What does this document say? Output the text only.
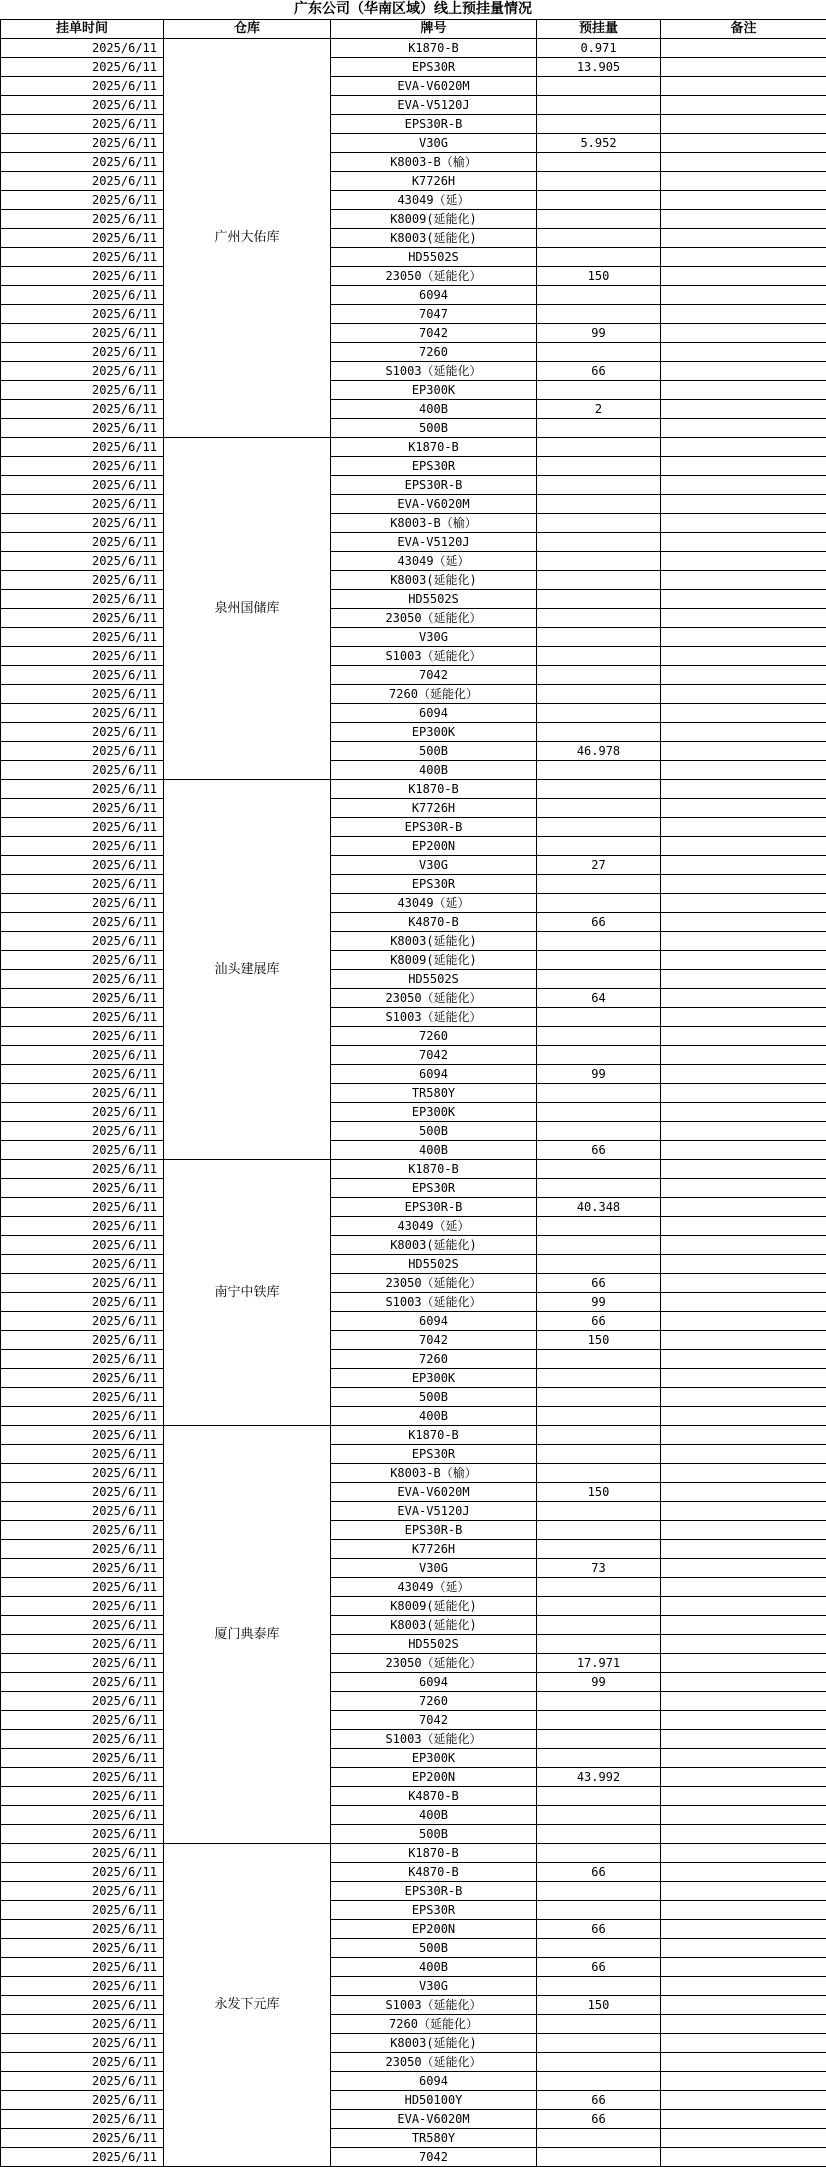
广东公司（华南区域）线上预挂量情况
挂单时间	仓库	牌号	预挂量	备注
2025/6/11	广州大佑库	K1870-B	0.971	
2025/6/11		EPS30R	13.905	
2025/6/11		EVA-V6020M		
2025/6/11		EVA-V5120J		
2025/6/11		EPS30R-B		
2025/6/11		V30G	5.952	
2025/6/11		K8003-B（榆）		
2025/6/11		K7726H		
2025/6/11		43049（延）		
2025/6/11		K8009(延能化)		
2025/6/11		K8003(延能化)		
2025/6/11		HD5502S		
2025/6/11		23050（延能化）	150	
2025/6/11		6094		
2025/6/11		7047		
2025/6/11		7042	99	
2025/6/11		7260		
2025/6/11		S1003（延能化）	66	
2025/6/11		EP300K		
2025/6/11		400B	2	
2025/6/11		500B		
2025/6/11	泉州国储库	K1870-B		
2025/6/11		EPS30R		
2025/6/11		EPS30R-B		
2025/6/11		EVA-V6020M		
2025/6/11		K8003-B（榆）		
2025/6/11		EVA-V5120J		
2025/6/11		43049（延）		
2025/6/11		K8003(延能化)		
2025/6/11		HD5502S		
2025/6/11		23050（延能化）		
2025/6/11		V30G		
2025/6/11		S1003（延能化）		
2025/6/11		7042		
2025/6/11		7260（延能化）		
2025/6/11		6094		
2025/6/11		EP300K		
2025/6/11		500B	46.978	
2025/6/11		400B		
2025/6/11	汕头建展库	K1870-B		
2025/6/11		K7726H		
2025/6/11		EPS30R-B		
2025/6/11		EP200N		
2025/6/11		V30G	27	
2025/6/11		EPS30R		
2025/6/11		43049（延）		
2025/6/11		K4870-B	66	
2025/6/11		K8003(延能化)		
2025/6/11		K8009(延能化)		
2025/6/11		HD5502S		
2025/6/11		23050（延能化）	64	
2025/6/11		S1003（延能化）		
2025/6/11		7260		
2025/6/11		7042		
2025/6/11		6094	99	
2025/6/11		TR580Y		
2025/6/11		EP300K		
2025/6/11		500B		
2025/6/11		400B	66	
2025/6/11	南宁中铁库	K1870-B		
2025/6/11		EPS30R		
2025/6/11		EPS30R-B	40.348	
2025/6/11		43049（延）		
2025/6/11		K8003(延能化)		
2025/6/11		HD5502S		
2025/6/11		23050（延能化）	66	
2025/6/11		S1003（延能化）	99	
2025/6/11		6094	66	
2025/6/11		7042	150	
2025/6/11		7260		
2025/6/11		EP300K		
2025/6/11		500B		
2025/6/11		400B		
2025/6/11	厦门典泰库	K1870-B		
2025/6/11		EPS30R		
2025/6/11		K8003-B（榆）		
2025/6/11		EVA-V6020M	150	
2025/6/11		EVA-V5120J		
2025/6/11		EPS30R-B		
2025/6/11		K7726H		
2025/6/11		V30G	73	
2025/6/11		43049（延）		
2025/6/11		K8009(延能化)		
2025/6/11		K8003(延能化)		
2025/6/11		HD5502S		
2025/6/11		23050（延能化）	17.971	
2025/6/11		6094	99	
2025/6/11		7260		
2025/6/11		7042		
2025/6/11		S1003（延能化）		
2025/6/11		EP300K		
2025/6/11		EP200N	43.992	
2025/6/11		K4870-B		
2025/6/11		400B		
2025/6/11		500B		
2025/6/11	永发下元库	K1870-B		
2025/6/11		K4870-B	66	
2025/6/11		EPS30R-B		
2025/6/11		EPS30R		
2025/6/11		EP200N	66	
2025/6/11		500B		
2025/6/11		400B	66	
2025/6/11		V30G		
2025/6/11		S1003（延能化）	150	
2025/6/11		7260（延能化）		
2025/6/11		K8003(延能化)		
2025/6/11		23050（延能化）		
2025/6/11		6094		
2025/6/11		HD50100Y	66	
2025/6/11		EVA-V6020M	66	
2025/6/11		TR580Y		
2025/6/11		7042		
